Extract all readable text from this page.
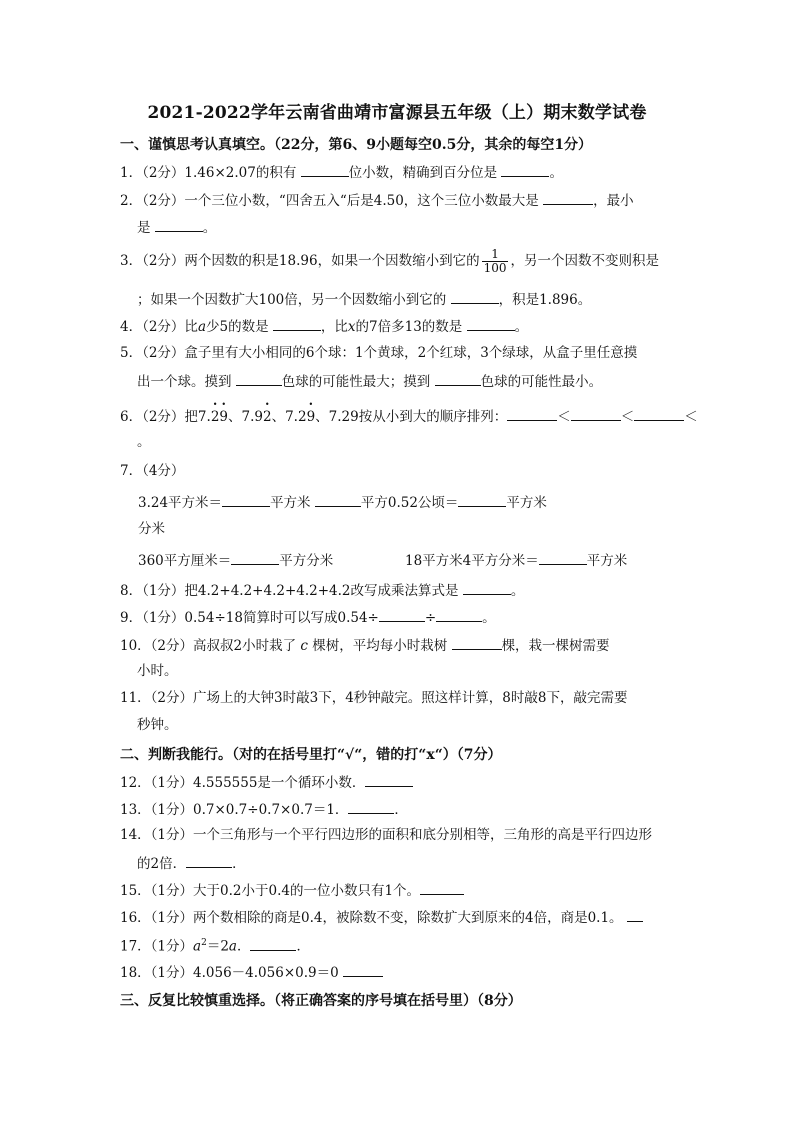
2021-2022学年云南省曲靖市富源县五年级（上）期末数学试卷
一、谨慎思考认真填空。（22分，第6、9小题每空0.5分，其余的每空1分）
1．（2分）1.46×2.07的积有	位小数，精确到百分位是	。
2．（2分）一个三位小数，“四舍五入“后是4.50，这个三位小数最大是	，最小
是	。
3．（2分）两个因数的积是18.96，如果一个因数缩小到它的 $\frac{1}{100}$ ，另一个因数不变则积是
；如果一个因数扩大100倍，另一个因数缩小到它的	，积是1.896。
4．（2分）比a少5的数是	，比x的7倍多13的数是	。
5．（2分）盒子里有大小相同的6个球：1个黄球，2个红球，3个绿球，从盒子里任意摸
出一个球。摸到	色球的可能性最大；摸到	色球的可能性最小。
6．（2分）把7.• 2• 9、7.9• 2、7.2• 9、7.29按从小到大的顺序排列：	＜	＜	＜
。
7．（4分）
3.24平方米＝	平方米	平方0.52公顷＝	平方米
分米
360平方厘米＝	平方分米	18平方米4平方分米＝	平方米
8．（1分）把4.2+4.2+4.2+4.2+4.2改写成乘法算式是	。
9．（1分）0.54÷18简算时可以写成0.54÷	÷	。
10．（2分）高叔叔2小时栽了 c 棵树，平均每小时栽树	棵，栽一棵树需要
小时。
11．（2分）广场上的大钟3时敲3下，4秒钟敲完。照这样计算，8时敲8下，敲完需要
秒钟。
二、判断我能行。（对的在括号里打“√“，错的打“x“）（7分）
12．（1分）4.555555是一个循环小数．
13．（1分）0.7×0.7÷0.7×0.7＝1．	．
14．（1分）一个三角形与一个平行四边形的面积和底分别相等，三角形的高是平行四边形
的2倍．	．
15．（1分）大于0.2小于0.4的一位小数只有1个。
16．（1分）两个数相除的商是0.4，被除数不变，除数扩大到原来的4倍，商是0.1。
17．（1分）$a^2=2a$．	．
18．（1分）4.056－4.056×0.9＝0
三、反复比较慎重选择。（将正确答案的序号填在括号里）（8分）
